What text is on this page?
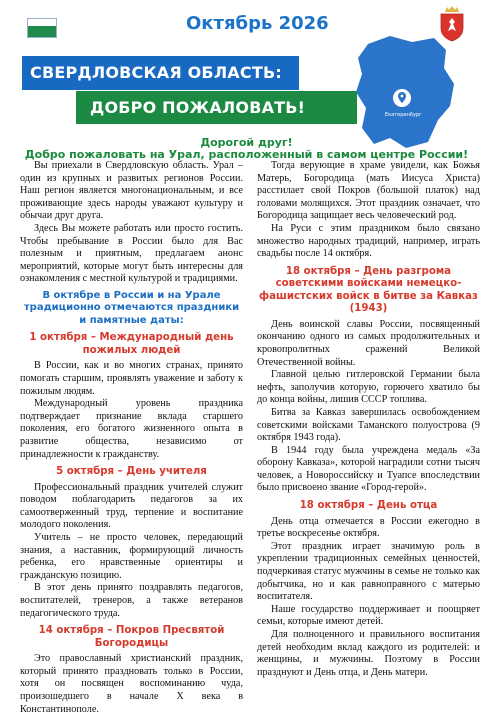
Октябрь 2026
Екатеринбург
СВЕРДЛОВСКАЯ ОБЛАСТЬ:
ДОБРО ПОЖАЛОВАТЬ!
Дорогой друг!
Добро пожаловать на Урал, расположенный в самом центре России!

Вы приехали в Свердловскую область. Урал – один из крупных и развитых регионов России. Наш регион является многонациональным, и все проживающие здесь народы уважают культуру и обычаи друг друга.

Здесь Вы можете работать или просто гостить. Чтобы пребывание в России было для Вас полезным и приятным, предлагаем анонс мероприятий, которые могут быть интересны для ознакомления с местной культурой и традициями.

В октябре в России и на Урале традиционно отмечаются праздники и памятные даты:
1 октября – Международный день пожилых людей

В России, как и во многих странах, принято помогать старшим, проявлять уважение и заботу к пожилым людям.

Международный уровень праздника подтверждает признание вклада старшего поколения, его богатого жизненного опыта в развитие общества, независимо от принадлежности к гражданству.

5 октября – День учителя

Профессиональный праздник учителей служит поводом поблагодарить педагогов за их самоотверженный труд, терпение и воспитание молодого поколения.

Учитель – не просто человек, передающий знания, а наставник, формирующий личность ребенка, его нравственные ориентиры и гражданскую позицию.

В этот день принято поздравлять педагогов, воспитателей, тренеров, а также ветеранов педагогического труда.

14 октября – Покров Пресвятой Богородицы

Это православный христианский праздник, который принято праздновать только в России, хотя он посвящен воспоминанию чуда, произошедшего в начале X века в Константинополе.

Тогда верующие в храме увидели, как Божья Матерь, Богородица (мать Иисуса Христа) расстилает свой Покров (большой платок) над головами молящихся. Этот праздник означает, что Богородица защищает весь человеческий род.

На Руси с этим праздником было связано множество народных традиций, например, играть свадьбы после 14 октября.

18 октября – День разгрома советскими войсками немецко-фашистских войск в битве за Кавказ (1943)

День воинской славы России, посвященный окончанию одного из самых продолжительных и кровопролитных сражений Великой Отечественной войны.

Главной целью гитлеровской Германии была нефть, заполучив которую, горючего хватило бы до конца войны, лишив СССР топлива.

Битва за Кавказ завершилась освобождением советскими войсками Таманского полуострова (9 октября 1943 года).

В 1944 году была учреждена медаль «За оборону Кавказа», которой наградили сотни тысяч человек, а Новороссийску и Туапсе впоследствии было присвоено звание «Город-герой».

18 октября – День отца

День отца отмечается в России ежегодно в третье воскресенье октября.

Этот праздник играет значимую роль в укреплении традиционных семейных ценностей, подчеркивая статус мужчины в семье не только как добытчика, но и как равноправного с матерью воспитателя.

Наше государство поддерживает и поощряет семьи, которые имеют детей.

Для полноценного и правильного воспитания детей необходим вклад каждого из родителей: и женщины, и мужчины. Поэтому в России празднуют и День отца, и День матери.
